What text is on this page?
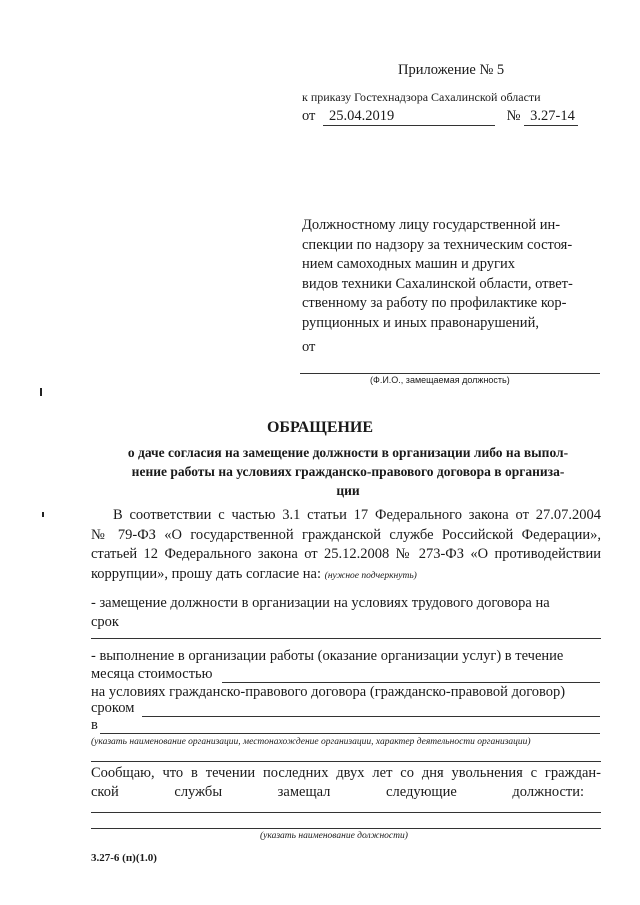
Приложение № 5
к приказу Гостехнадзора Сахалинской области
от 25.04.2019	№ 3.27-14
Должностному лицу государственной ин-
спекции по надзору за техническим состоя-
нием самоходных машин и других
видов техники Сахалинской области, ответ-
ственному за работу по профилактике кор-
рупционных и иных правонарушений,
от
(Ф.И.О., замещаемая должность)
ОБРАЩЕНИЕ
о даче согласия на замещение должности в организации либо на выпол-
нение работы на условиях гражданско-правового договора в организа-
ции
В соответствии с частью 3.1 статьи 17 Федерального закона от 27.07.2004
№ 79-ФЗ «О государственной гражданской службе Российской Федерации»,
статьей 12 Федерального закона от 25.12.2008 № 273-ФЗ «О противодействии
коррупции», прошу дать согласие на: (нужное подчеркнуть)
- замещение должности в организации на условиях трудового договора на
срок
- выполнение в организации работы (оказание организации услуг) в течение
месяца стоимостью
на условиях гражданско-правового договора (гражданско-правовой договор)
сроком
в
(указать наименование организации, местонахождение организации, характер деятельности организации)
Сообщаю, что в течении последних двух лет со дня увольнения с граждан-
ской службы замещал следующие должности:
(указать наименование должности)
3.27-6 (п)(1.0)
